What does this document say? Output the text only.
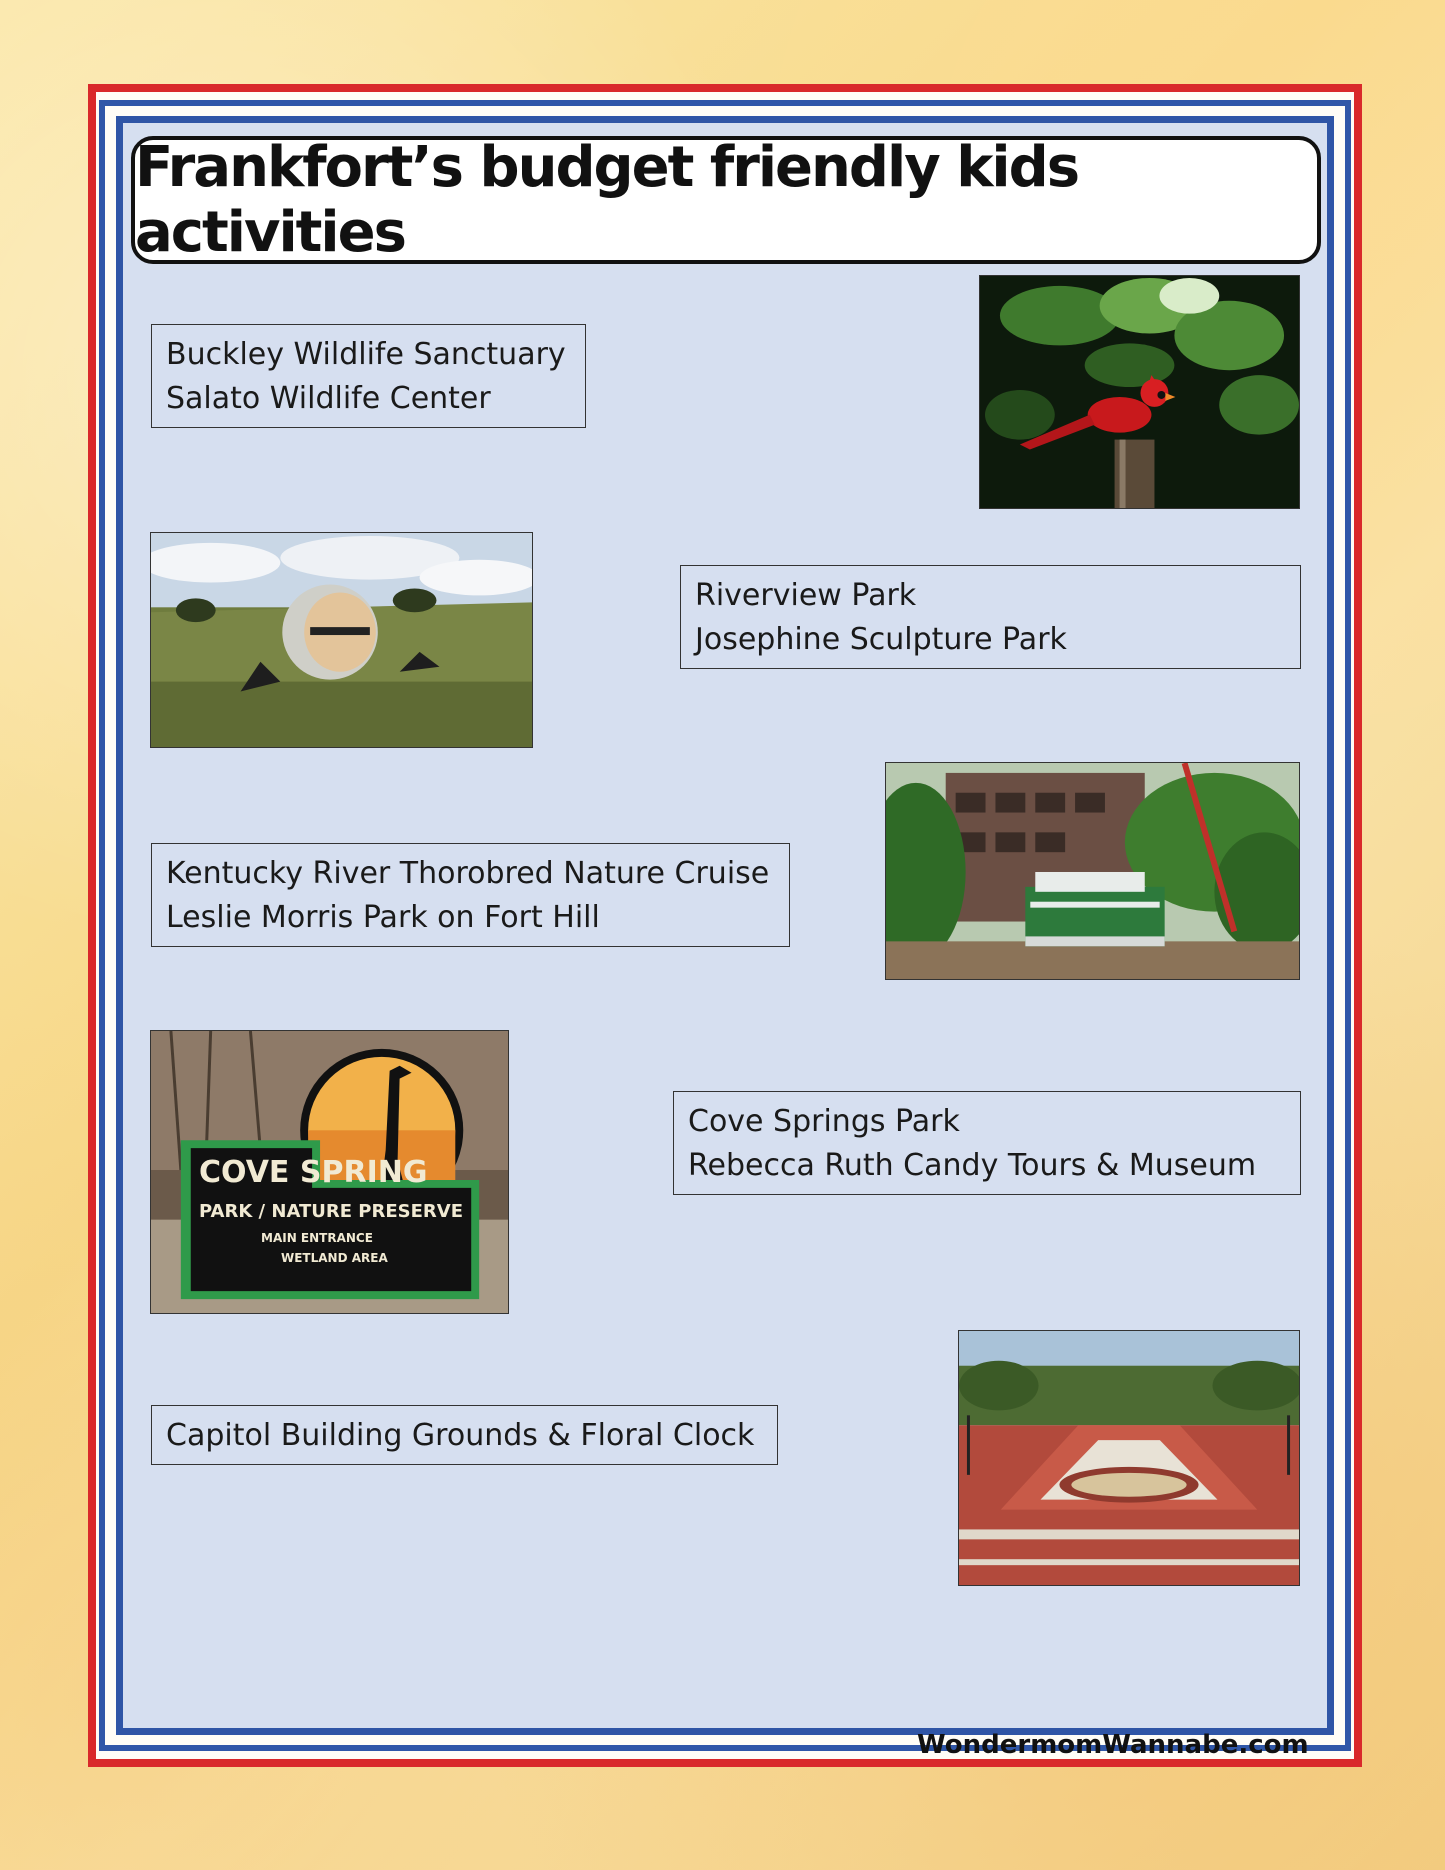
Frankfort’s budget friendly kids activities
Buckley Wildlife Sanctuary
Salato Wildlife Center
Riverview Park
Josephine Sculpture Park
Kentucky River Thorobred Nature Cruise
Leslie Morris Park on Fort Hill
Cove Springs Park
Rebecca Ruth Candy Tours & Museum
COVE SPRING
PARK / NATURE PRESERVE
MAIN ENTRANCE
WETLAND AREA
Capitol Building Grounds & Floral Clock
WondermomWannabe.com
